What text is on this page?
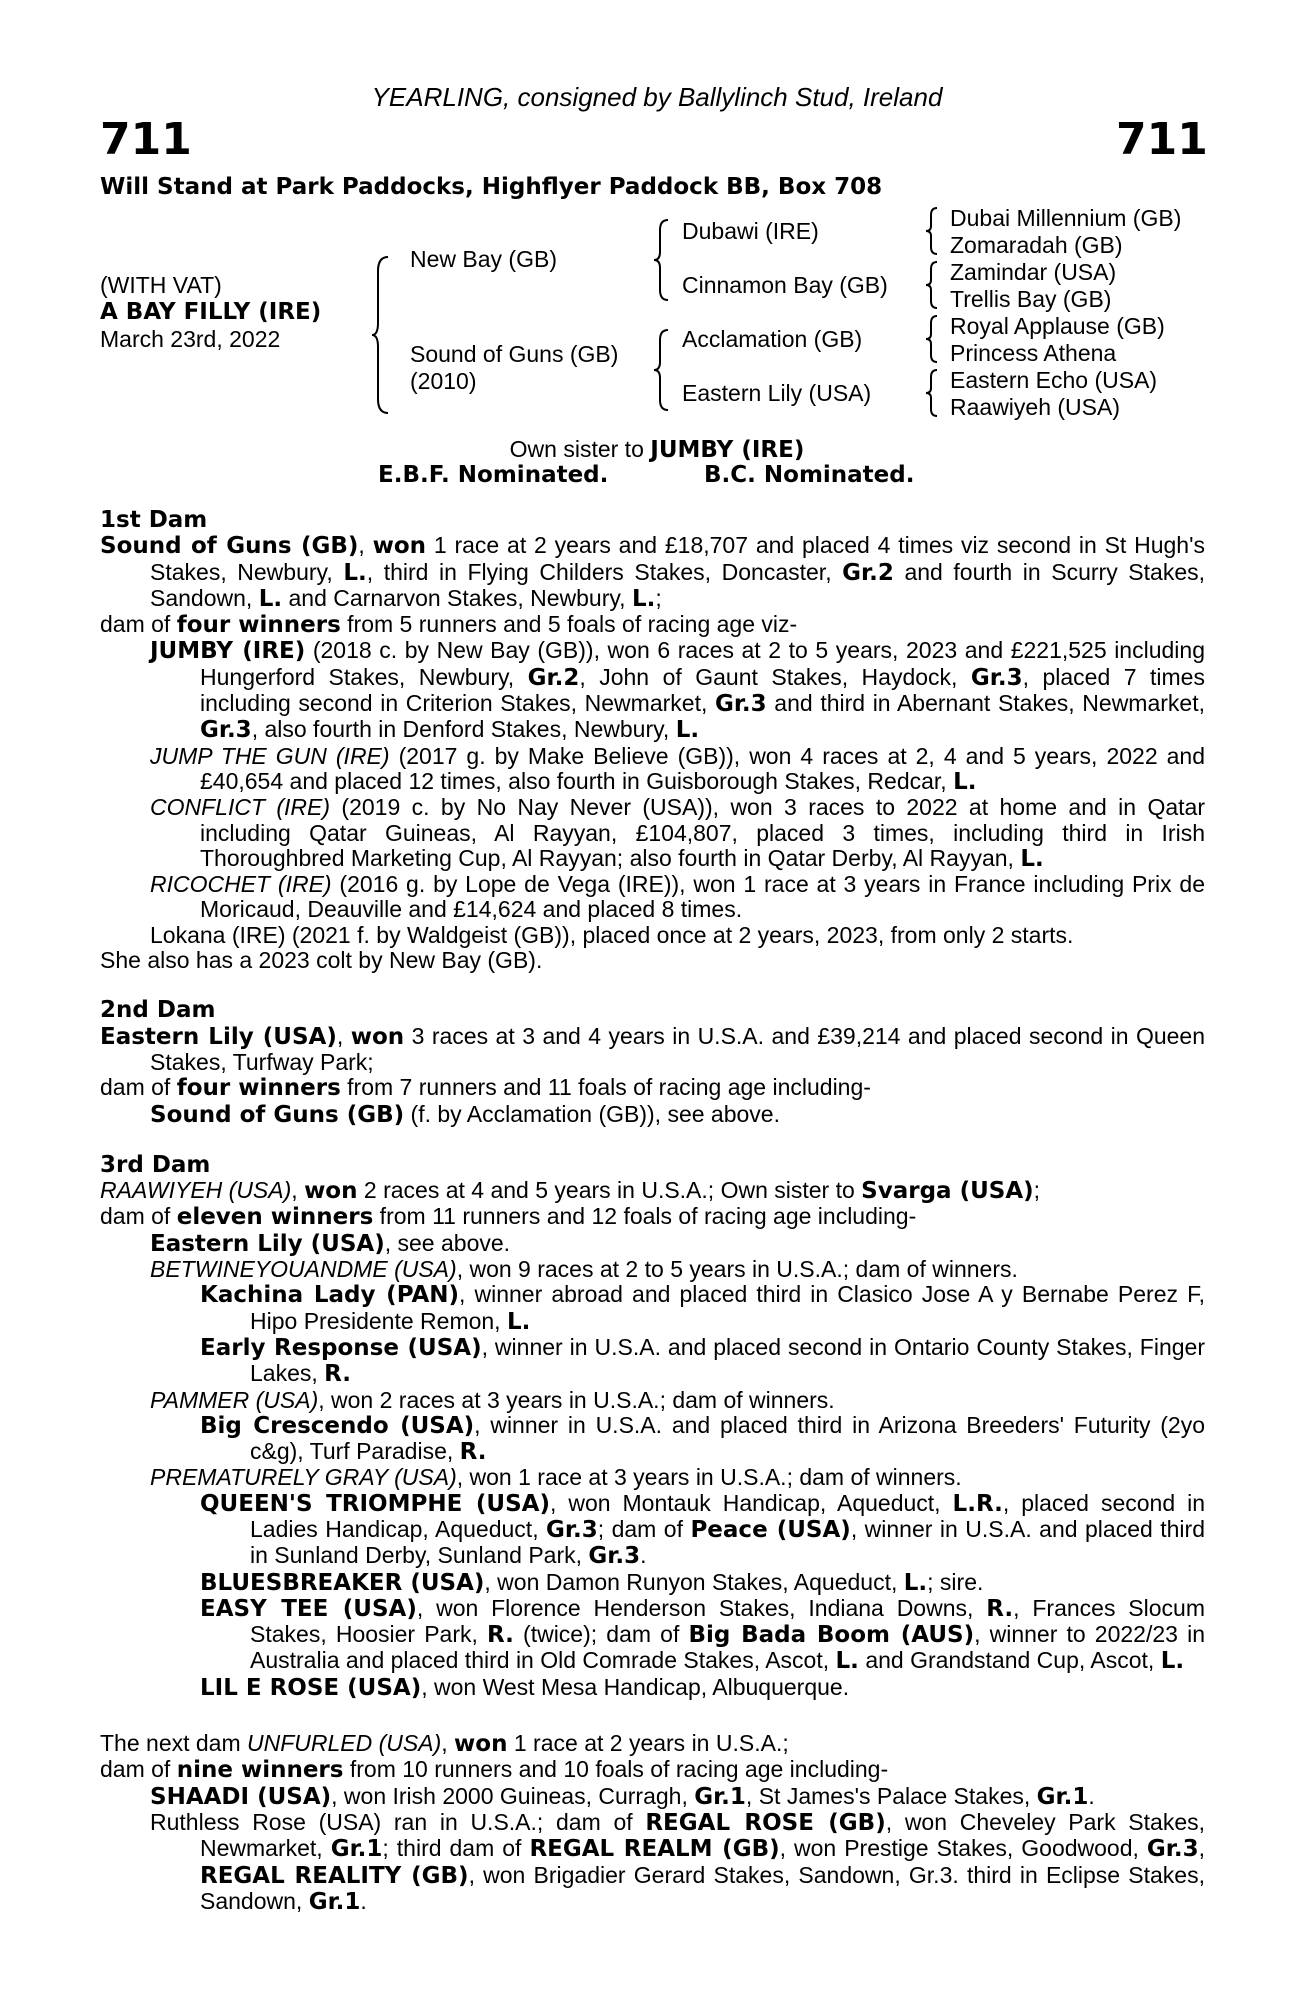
YEARLING, consigned by Ballylinch Stud, Ireland
711	711
Will Stand at Park Paddocks, Highflyer Paddock BB, Box 708
(WITH VAT)
A BAY FILLY (IRE)
March 23rd, 2022
New Bay (GB)
Sound of Guns (GB)
(2010)
Dubawi (IRE)
Cinnamon Bay (GB)
Acclamation (GB)
Eastern Lily (USA)
Dubai Millennium (GB)
Zomaradah (GB)
Zamindar (USA)
Trellis Bay (GB)
Royal Applause (GB)
Princess Athena
Eastern Echo (USA)
Raawiyeh (USA)
Own sister to JUMBY (IRE)
E.B.F. Nominated.	B.C. Nominated.
1st Dam
Sound of Guns (GB), won 1 race at 2 years and £18,707 and placed 4 times viz second in St Hugh's Stakes, Newbury, L., third in Flying Childers Stakes, Doncaster, Gr.2 and fourth in Scurry Stakes, Sandown, L. and Carnarvon Stakes, Newbury, L.;
dam of four winners from 5 runners and 5 foals of racing age viz-
JUMBY (IRE) (2018 c. by New Bay (GB)), won 6 races at 2 to 5 years, 2023 and £221,525 including Hungerford Stakes, Newbury, Gr.2, John of Gaunt Stakes, Haydock, Gr.3, placed 7 times including second in Criterion Stakes, Newmarket, Gr.3 and third in Abernant Stakes, Newmarket, Gr.3, also fourth in Denford Stakes, Newbury, L.
JUMP THE GUN (IRE) (2017 g. by Make Believe (GB)), won 4 races at 2, 4 and 5 years, 2022 and £40,654 and placed 12 times, also fourth in Guisborough Stakes, Redcar, L.
CONFLICT (IRE) (2019 c. by No Nay Never (USA)), won 3 races to 2022 at home and in Qatar including Qatar Guineas, Al Rayyan, £104,807, placed 3 times, including third in Irish Thoroughbred Marketing Cup, Al Rayyan; also fourth in Qatar Derby, Al Rayyan, L.
RICOCHET (IRE) (2016 g. by Lope de Vega (IRE)), won 1 race at 3 years in France including Prix de Moricaud, Deauville and £14,624 and placed 8 times.
Lokana (IRE) (2021 f. by Waldgeist (GB)), placed once at 2 years, 2023, from only 2 starts.
She also has a 2023 colt by New Bay (GB).
2nd Dam
Eastern Lily (USA), won 3 races at 3 and 4 years in U.S.A. and £39,214 and placed second in Queen Stakes, Turfway Park;
dam of four winners from 7 runners and 11 foals of racing age including-
Sound of Guns (GB) (f. by Acclamation (GB)), see above.
3rd Dam
RAAWIYEH (USA), won 2 races at 4 and 5 years in U.S.A.; Own sister to Svarga (USA);
dam of eleven winners from 11 runners and 12 foals of racing age including-
Eastern Lily (USA), see above.
BETWINEYOUANDME (USA), won 9 races at 2 to 5 years in U.S.A.; dam of winners.
Kachina Lady (PAN), winner abroad and placed third in Clasico Jose A y Bernabe Perez F, Hipo Presidente Remon, L.
Early Response (USA), winner in U.S.A. and placed second in Ontario County Stakes, Finger Lakes, R.
PAMMER (USA), won 2 races at 3 years in U.S.A.; dam of winners.
Big Crescendo (USA), winner in U.S.A. and placed third in Arizona Breeders' Futurity (2yo c&g), Turf Paradise, R.
PREMATURELY GRAY (USA), won 1 race at 3 years in U.S.A.; dam of winners.
QUEEN'S TRIOMPHE (USA), won Montauk Handicap, Aqueduct, L.R., placed second in Ladies Handicap, Aqueduct, Gr.3; dam of Peace (USA), winner in U.S.A. and placed third in Sunland Derby, Sunland Park, Gr.3.
BLUESBREAKER (USA), won Damon Runyon Stakes, Aqueduct, L.; sire.
EASY TEE (USA), won Florence Henderson Stakes, Indiana Downs, R., Frances Slocum Stakes, Hoosier Park, R. (twice); dam of Big Bada Boom (AUS), winner to 2022/23 in Australia and placed third in Old Comrade Stakes, Ascot, L. and Grandstand Cup, Ascot, L.
LIL E ROSE (USA), won West Mesa Handicap, Albuquerque.
The next dam UNFURLED (USA), won 1 race at 2 years in U.S.A.;
dam of nine winners from 10 runners and 10 foals of racing age including-
SHAADI (USA), won Irish 2000 Guineas, Curragh, Gr.1, St James's Palace Stakes, Gr.1.
Ruthless Rose (USA) ran in U.S.A.; dam of REGAL ROSE (GB), won Cheveley Park Stakes, Newmarket, Gr.1; third dam of REGAL REALM (GB), won Prestige Stakes, Goodwood, Gr.3, REGAL REALITY (GB), won Brigadier Gerard Stakes, Sandown, Gr.3. third in Eclipse Stakes, Sandown, Gr.1.
